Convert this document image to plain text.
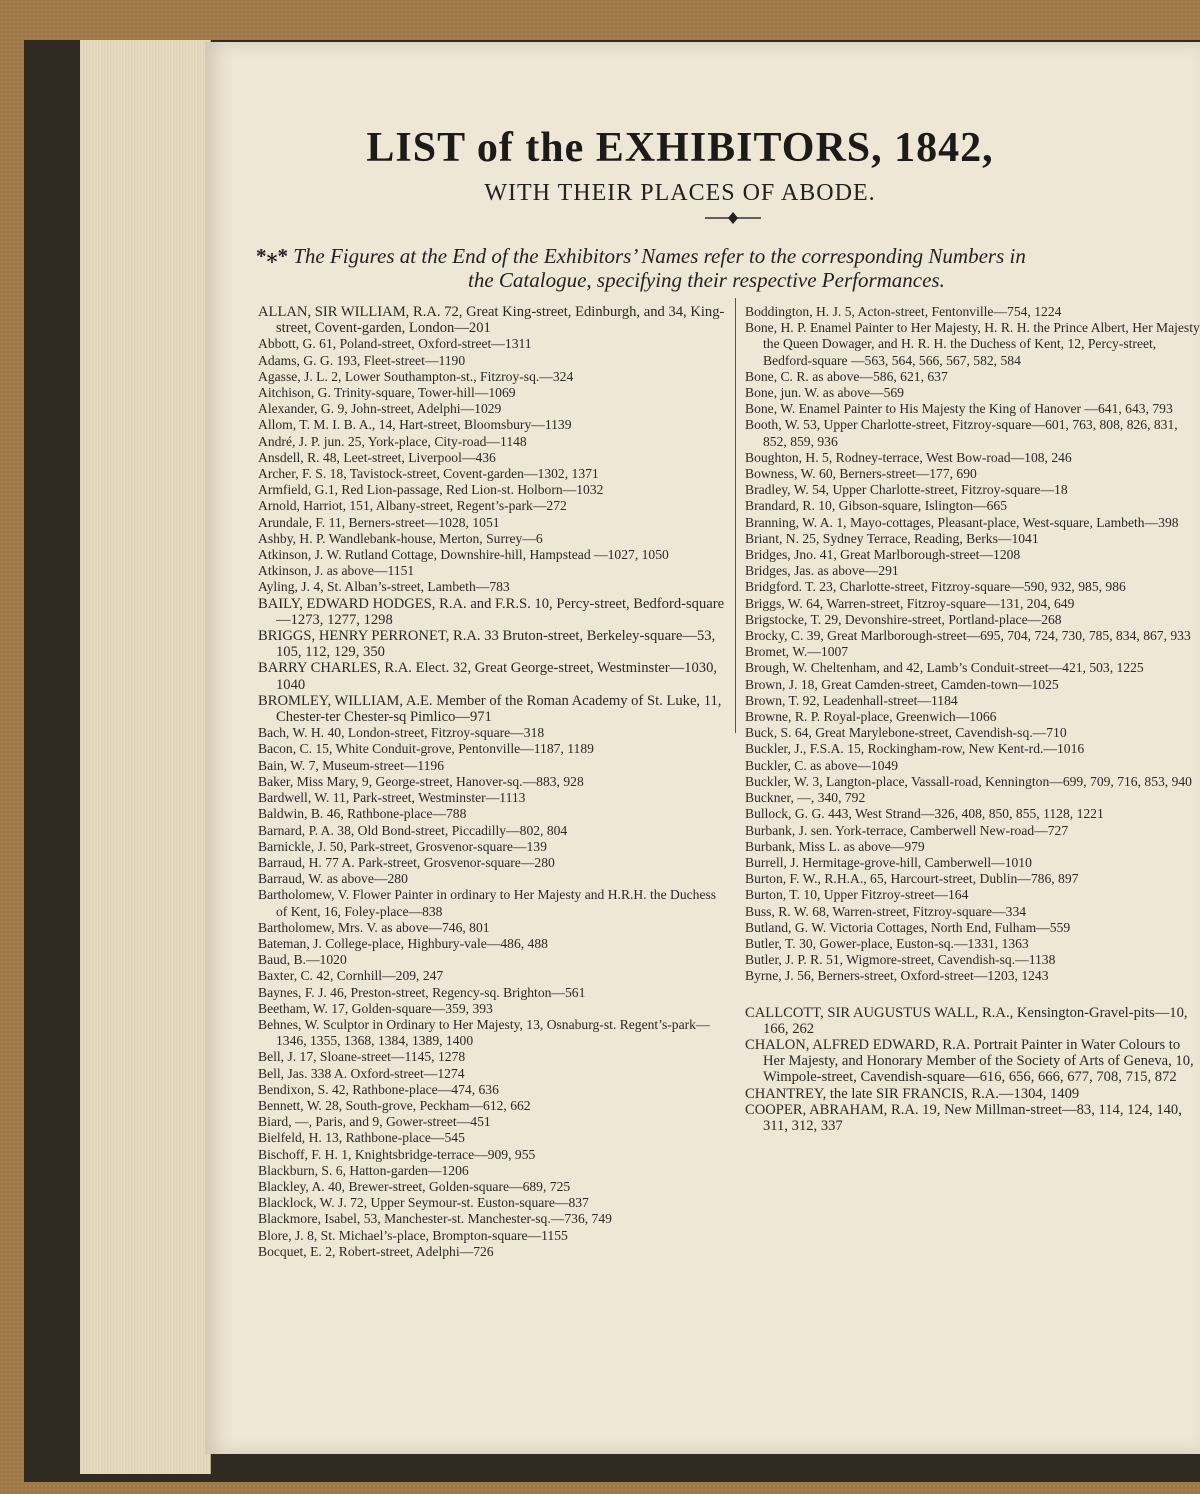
LIST of the EXHIBITORS, 1842,
WITH THEIR PLACES OF ABODE.
*⁎* The Figures at the End of the Exhibitors’ Names refer to the corresponding Numbers in
the Catalogue, specifying their respective Performances.
ALLAN, SIR WILLIAM, R.A. 72, Great King-street, Edinburgh, and 34, King-street, Covent-garden, London—201
Abbott, G. 61, Poland-street, Oxford-street—1311
Adams, G. G. 193, Fleet-street—1190
Agasse, J. L. 2, Lower Southampton-st., Fitzroy-sq.—324
Aitchison, G. Trinity-square, Tower-hill—1069
Alexander, G. 9, John-street, Adelphi—1029
Allom, T. M. I. B. A., 14, Hart-street, Bloomsbury—1139
André, J. P. jun. 25, York-place, City-road—1148
Ansdell, R. 48, Leet-street, Liverpool—436
Archer, F. S. 18, Tavistock-street, Covent-garden—1302, 1371
Armfield, G.1, Red Lion-passage, Red Lion-st. Holborn—1032
Arnold, Harriot, 151, Albany-street, Regent’s-park—272
Arundale, F. 11, Berners-street—1028, 1051
Ashby, H. P. Wandlebank-house, Merton, Surrey—6
Atkinson, J. W. Rutland Cottage, Downshire-hill, Hampstead —1027, 1050
Atkinson, J. as above—1151
Ayling, J. 4, St. Alban’s-street, Lambeth—783
BAILY, EDWARD HODGES, R.A. and F.R.S. 10, Percy-street, Bedford-square—1273, 1277, 1298
BRIGGS, HENRY PERRONET, R.A. 33 Bruton-street, Berkeley-square—53, 105, 112, 129, 350
BARRY CHARLES, R.A. Elect. 32, Great George-street, Westminster—1030, 1040
BROMLEY, WILLIAM, A.E. Member of the Roman Academy of St. Luke, 11, Chester-ter Chester-sq Pimlico—971
Bach, W. H. 40, London-street, Fitzroy-square—318
Bacon, C. 15, White Conduit-grove, Pentonville—1187, 1189
Bain, W. 7, Museum-street—1196
Baker, Miss Mary, 9, George-street, Hanover-sq.—883, 928
Bardwell, W. 11, Park-street, Westminster—1113
Baldwin, B. 46, Rathbone-place—788
Barnard, P. A. 38, Old Bond-street, Piccadilly—802, 804
Barnickle, J. 50, Park-street, Grosvenor-square—139
Barraud, H. 77 A. Park-street, Grosvenor-square—280
Barraud, W. as above—280
Bartholomew, V. Flower Painter in ordinary to Her Majesty and H.R.H. the Duchess of Kent, 16, Foley-place—838
Bartholomew, Mrs. V. as above—746, 801
Bateman, J. College-place, Highbury-vale—486, 488
Baud, B.—1020
Baxter, C. 42, Cornhill—209, 247
Baynes, F. J. 46, Preston-street, Regency-sq. Brighton—561
Beetham, W. 17, Golden-square—359, 393
Behnes, W. Sculptor in Ordinary to Her Majesty, 13, Osnaburg-st. Regent’s-park—1346, 1355, 1368, 1384, 1389, 1400
Bell, J. 17, Sloane-street—1145, 1278
Bell, Jas. 338 A. Oxford-street—1274
Bendixon, S. 42, Rathbone-place—474, 636
Bennett, W. 28, South-grove, Peckham—612, 662
Biard, —, Paris, and 9, Gower-street—451
Bielfeld, H. 13, Rathbone-place—545
Bischoff, F. H. 1, Knightsbridge-terrace—909, 955
Blackburn, S. 6, Hatton-garden—1206
Blackley, A. 40, Brewer-street, Golden-square—689, 725
Blacklock, W. J. 72, Upper Seymour-st. Euston-square—837
Blackmore, Isabel, 53, Manchester-st. Manchester-sq.—736, 749
Blore, J. 8, St. Michael’s-place, Brompton-square—1155
Bocquet, E. 2, Robert-street, Adelphi—726
Boddington, H. J. 5, Acton-street, Fentonville—754, 1224
Bone, H. P. Enamel Painter to Her Majesty, H. R. H. the Prince Albert, Her Majesty the Queen Dowager, and H. R. H. the Duchess of Kent, 12, Percy-street, Bedford-square —563, 564, 566, 567, 582, 584
Bone, C. R. as above—586, 621, 637
Bone, jun. W. as above—569
Bone, W. Enamel Painter to His Majesty the King of Hanover —641, 643, 793
Booth, W. 53, Upper Charlotte-street, Fitzroy-square—601, 763, 808, 826, 831, 852, 859, 936
Boughton, H. 5, Rodney-terrace, West Bow-road—108, 246
Bowness, W. 60, Berners-street—177, 690
Bradley, W. 54, Upper Charlotte-street, Fitzroy-square—18
Brandard, R. 10, Gibson-square, Islington—665
Branning, W. A. 1, Mayo-cottages, Pleasant-place, West-square, Lambeth—398
Briant, N. 25, Sydney Terrace, Reading, Berks—1041
Bridges, Jno. 41, Great Marlborough-street—1208
Bridges, Jas. as above—291
Bridgford. T. 23, Charlotte-street, Fitzroy-square—590, 932, 985, 986
Briggs, W. 64, Warren-street, Fitzroy-square—131, 204, 649
Brigstocke, T. 29, Devonshire-street, Portland-place—268
Brocky, C. 39, Great Marlborough-street—695, 704, 724, 730, 785, 834, 867, 933
Bromet, W.—1007
Brough, W. Cheltenham, and 42, Lamb’s Conduit-street—421, 503, 1225
Brown, J. 18, Great Camden-street, Camden-town—1025
Brown, T. 92, Leadenhall-street—1184
Browne, R. P. Royal-place, Greenwich—1066
Buck, S. 64, Great Marylebone-street, Cavendish-sq.—710
Buckler, J., F.S.A. 15, Rockingham-row, New Kent-rd.—1016
Buckler, C. as above—1049
Buckler, W. 3, Langton-place, Vassall-road, Kennington—699, 709, 716, 853, 940
Buckner, —, 340, 792
Bullock, G. G. 443, West Strand—326, 408, 850, 855, 1128, 1221
Burbank, J. sen. York-terrace, Camberwell New-road—727
Burbank, Miss L. as above—979
Burrell, J. Hermitage-grove-hill, Camberwell—1010
Burton, F. W., R.H.A., 65, Harcourt-street, Dublin—786, 897
Burton, T. 10, Upper Fitzroy-street—164
Buss, R. W. 68, Warren-street, Fitzroy-square—334
Butland, G. W. Victoria Cottages, North End, Fulham—559
Butler, T. 30, Gower-place, Euston-sq.—1331, 1363
Butler, J. P. R. 51, Wigmore-street, Cavendish-sq.—1138
Byrne, J. 56, Berners-street, Oxford-street—1203, 1243
CALLCOTT, SIR AUGUSTUS WALL, R.A., Kensington-Gravel-pits—10, 166, 262
CHALON, ALFRED EDWARD, R.A. Portrait Painter in Water Colours to Her Majesty, and Honorary Member of the Society of Arts of Geneva, 10, Wimpole-street, Cavendish-square—616, 656, 666, 677, 708, 715, 872
CHANTREY, the late SIR FRANCIS, R.A.—1304, 1409
COOPER, ABRAHAM, R.A. 19, New Millman-street—83, 114, 124, 140, 311, 312, 337
